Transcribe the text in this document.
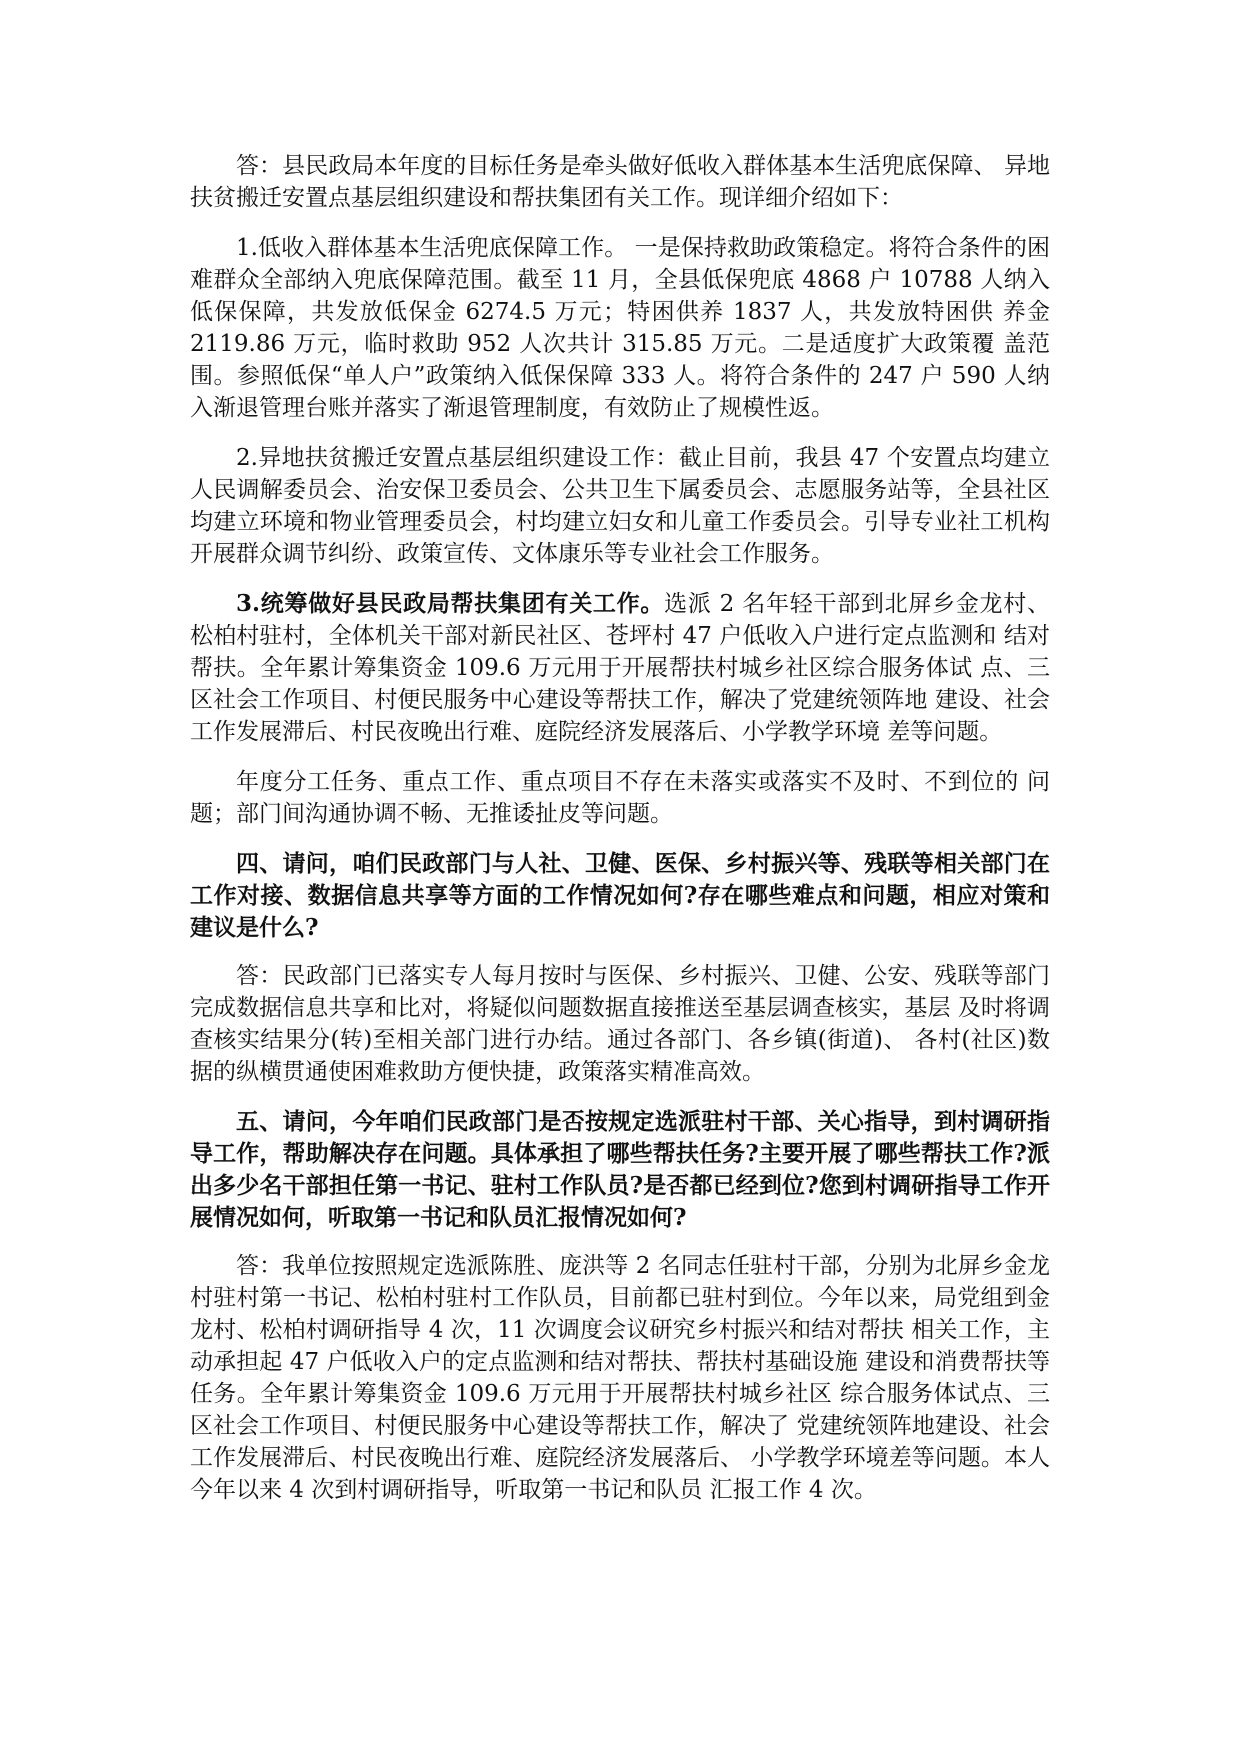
答：县民政局本年度的目标任务是牵头做好低收入群体基本生活兜底保障、 异地扶贫搬迁安置点基层组织建设和帮扶集团有关工作。现详细介绍如下：

1.低收入群体基本生活兜底保障工作。 一是保持救助政策稳定。将符合条件的困难群众全部纳入兜底保障范围。截至 11 月，全县低保兜底 4868 户 10788 人纳入低保保障，共发放低保金 6274.5 万元；特困供养 1837 人，共发放特困供 养金 2119.86 万元，临时救助 952 人次共计 315.85 万元。二是适度扩大政策覆 盖范围。参照低保“单人户”政策纳入低保保障 333 人。将符合条件的 247 户 590 人纳入渐退管理台账并落实了渐退管理制度，有效防止了规模性返。

2.异地扶贫搬迁安置点基层组织建设工作：截止目前，我县 47 个安置点均建立人民调解委员会、治安保卫委员会、公共卫生下属委员会、志愿服务站等，全县社区均建立环境和物业管理委员会，村均建立妇女和儿童工作委员会。引导专业社工机构开展群众调节纠纷、政策宣传、文体康乐等专业社会工作服务。

3.统筹做好县民政局帮扶集团有关工作。选派 2 名年轻干部到北屏乡金龙村、 松柏村驻村，全体机关干部对新民社区、苍坪村 47 户低收入户进行定点监测和 结对帮扶。全年累计筹集资金 109.6 万元用于开展帮扶村城乡社区综合服务体试 点、三区社会工作项目、村便民服务中心建设等帮扶工作，解决了党建统领阵地 建设、社会工作发展滞后、村民夜晚出行难、庭院经济发展落后、小学教学环境 差等问题。

年度分工任务、重点工作、重点项目不存在未落实或落实不及时、不到位的 问题；部门间沟通协调不畅、无推诿扯皮等问题。

四、请问，咱们民政部门与人社、卫健、医保、乡村振兴等、残联等相关部门在工作对接、数据信息共享等方面的工作情况如何?存在哪些难点和问题，相应对策和建议是什么?

答：民政部门已落实专人每月按时与医保、乡村振兴、卫健、公安、残联等部门完成数据信息共享和比对，将疑似问题数据直接推送至基层调查核实，基层 及时将调查核实结果分(转)至相关部门进行办结。通过各部门、各乡镇(街道)、 各村(社区)数据的纵横贯通使困难救助方便快捷，政策落实精准高效。

五、请问，今年咱们民政部门是否按规定选派驻村干部、关心指导，到村调研指导工作，帮助解决存在问题。具体承担了哪些帮扶任务?主要开展了哪些帮扶工作?派出多少名干部担任第一书记、驻村工作队员?是否都已经到位?您到村调研指导工作开展情况如何，听取第一书记和队员汇报情况如何?

答：我单位按照规定选派陈胜、庞洪等 2 名同志任驻村干部，分别为北屏乡金龙村驻村第一书记、松柏村驻村工作队员，目前都已驻村到位。今年以来，局党组到金龙村、松柏村调研指导 4 次，11 次调度会议研究乡村振兴和结对帮扶 相关工作，主动承担起 47 户低收入户的定点监测和结对帮扶、帮扶村基础设施 建设和消费帮扶等任务。全年累计筹集资金 109.6 万元用于开展帮扶村城乡社区 综合服务体试点、三区社会工作项目、村便民服务中心建设等帮扶工作，解决了 党建统领阵地建设、社会工作发展滞后、村民夜晚出行难、庭院经济发展落后、 小学教学环境差等问题。本人今年以来 4 次到村调研指导，听取第一书记和队员 汇报工作 4 次。
